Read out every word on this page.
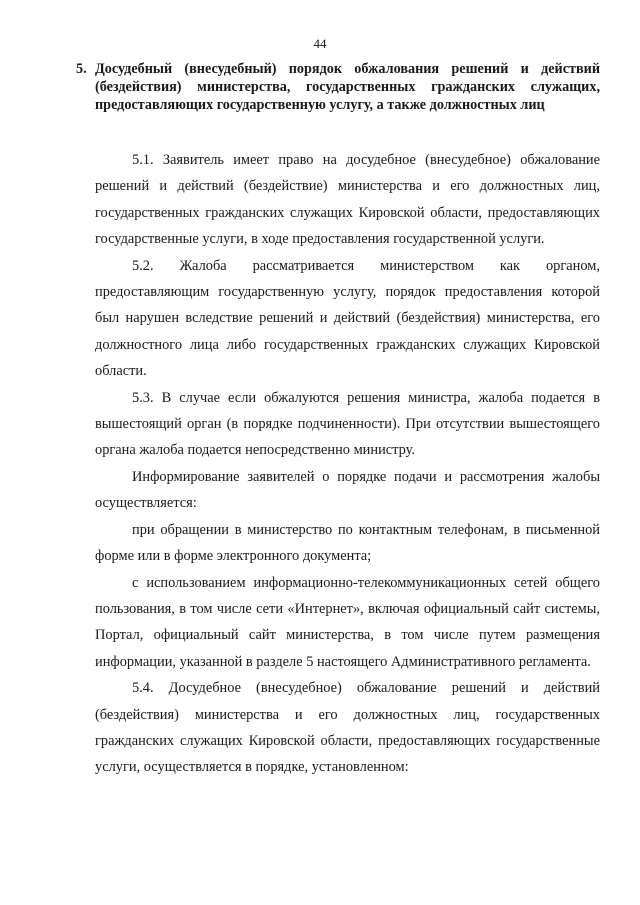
44
5. Досудебный (внесудебный) порядок обжалования решений и действий (бездействия) министерства, государственных гражданских служащих, предоставляющих государственную услугу, а также должностных лиц

5.1. Заявитель имеет право на досудебное (внесудебное) обжалование решений и действий (бездействие) министерства и его должностных лиц, государственных гражданских служащих Кировской области, предоставляющих государственные услуги, в ходе предоставления государственной услуги.

5.2. Жалоба рассматривается министерством как органом, предоставляющим государственную услугу, порядок предоставления которой был нарушен вследствие решений и действий (бездействия) министерства, его должностного лица либо государственных гражданских служащих Кировской области.

5.3. В случае если обжалуются решения министра, жалоба подается в вышестоящий орган (в порядке подчиненности). При отсутствии вышестоящего органа жалоба подается непосредственно министру.

Информирование заявителей о порядке подачи и рассмотрения жалобы осуществляется:

при обращении в министерство по контактным телефонам, в письменной форме или в форме электронного документа;

с использованием информационно-телекоммуникационных сетей общего пользования, в том числе сети «Интернет», включая официальный сайт системы, Портал, официальный сайт министерства, в том числе путем размещения информации, указанной в разделе 5 настоящего Административного регламента.

5.4. Досудебное (внесудебное) обжалование решений и действий (бездействия) министерства и его должностных лиц, государственных гражданских служащих Кировской области, предоставляющих государственные услуги, осуществляется в порядке, установленном:
